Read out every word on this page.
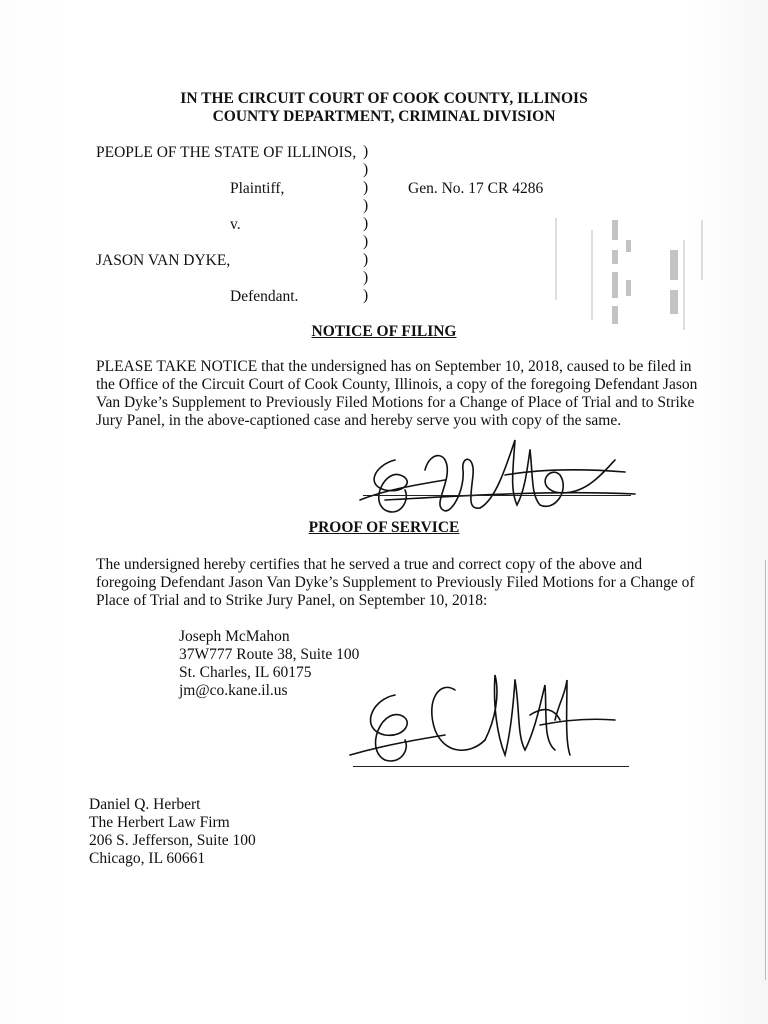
IN THE CIRCUIT COURT OF COOK COUNTY, ILLINOIS
COUNTY DEPARTMENT, CRIMINAL DIVISION
PEOPLE OF THE STATE OF ILLINOIS,
Plaintiff,	Gen. No. 17 CR 4286
v.
JASON VAN DYKE,
Defendant.
)
)
)
)
)
)
)
)
)
NOTICE OF FILING
PLEASE TAKE NOTICE that the undersigned has on September 10, 2018, caused to be filed in
the Office of the Circuit Court of Cook County, Illinois, a copy of the foregoing Defendant Jason
Van Dyke’s Supplement to Previously Filed Motions for a Change of Place of Trial and to Strike
Jury Panel, in the above-captioned case and hereby serve you with copy of the same.
PROOF OF SERVICE
The undersigned hereby certifies that he served a true and correct copy of the above and
foregoing Defendant Jason Van Dyke’s Supplement to Previously Filed Motions for a Change of
Place of Trial and to Strike Jury Panel, on September 10, 2018:
Joseph McMahon
37W777 Route 38, Suite 100
St. Charles, IL 60175
jm@co.kane.il.us
Daniel Q. Herbert
The Herbert Law Firm
206 S. Jefferson, Suite 100
Chicago, IL 60661
